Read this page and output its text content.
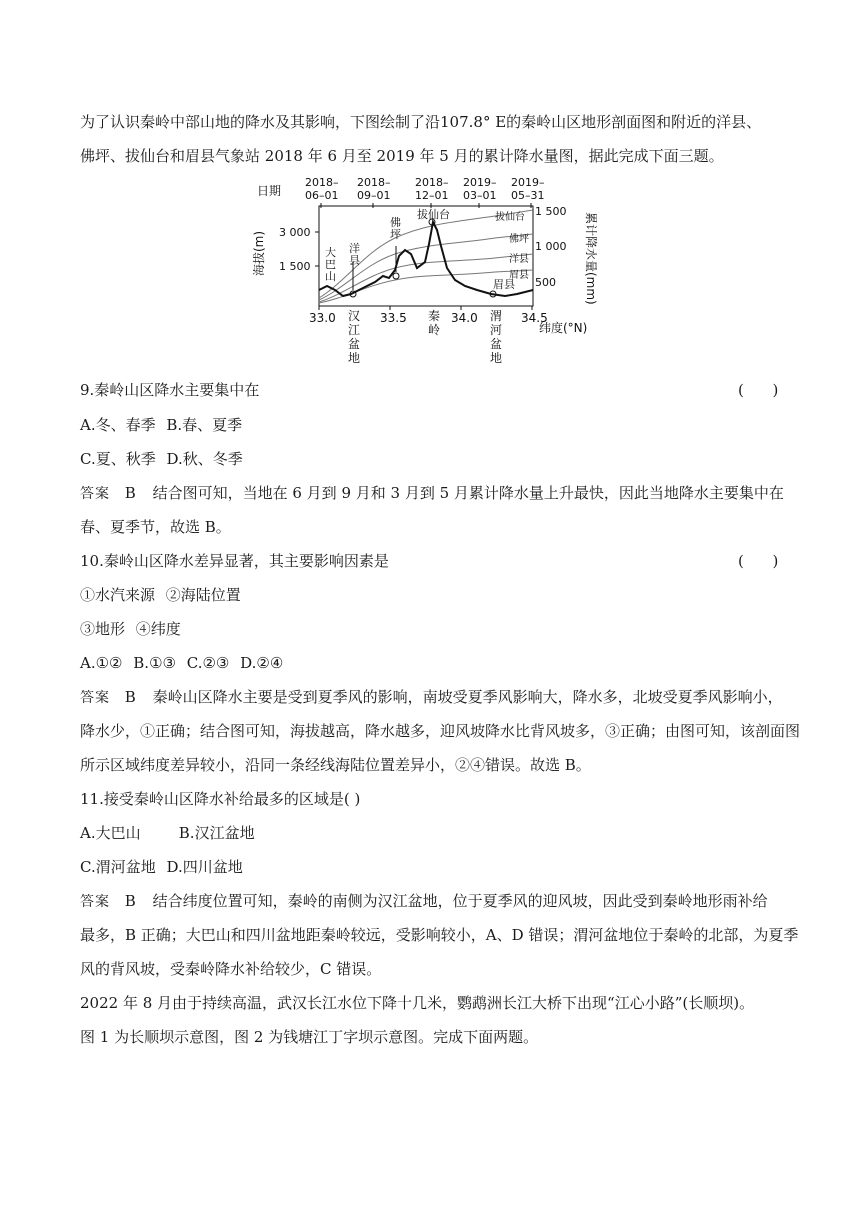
为了认识秦岭中部山地的降水及其影响，下图绘制了沿107.8° E的秦岭山区地形剖面图和附近的洋县、
佛坪、拔仙台和眉县气象站 2018 年 6 月至 2019 年 5 月的累计降水量图，据此完成下面三题。
日期
2018–
06–01
2018–
09–01
2018–
12–01
2019–
03–01
2019–
05–31
海拔(m) 3 000
1 500
1 500
1 000
500 累计降水量(mm)
大巴山
洋县
佛坪
拔仙台
眉县
拔仙台
佛坪
洋县
眉县
33.0	33.5	34.0	34.5
纬度(°N)
汉江盆地
秦岭
渭河盆地
9.秦岭山区降水主要集中在	(      )
A.冬、春季 B.春、夏季
C.夏、秋季 D.秋、冬季
答案 B 结合图可知，当地在 6 月到 9 月和 3 月到 5 月累计降水量上升最快，因此当地降水主要集中在
春、夏季节，故选 B。
10.秦岭山区降水差异显著，其主要影响因素是	(      )
①水汽来源 ②海陆位置
③地形 ④纬度
A.①② B.①③ C.②③ D.②④
答案 B 秦岭山区降水主要是受到夏季风的影响，南坡受夏季风影响大，降水多，北坡受夏季风影响小，
降水少，①正确；结合图可知，海拔越高，降水越多，迎风坡降水比背风坡多，③正确；由图可知，该剖面图
所示区域纬度差异较小，沿同一条经线海陆位置差异小，②④错误。故选 B。
11.接受秦岭山区降水补给最多的区域是( )
A.大巴山	B.汉江盆地
C.渭河盆地 D.四川盆地
答案 B 结合纬度位置可知，秦岭的南侧为汉江盆地，位于夏季风的迎风坡，因此受到秦岭地形雨补给
最多，B 正确；大巴山和四川盆地距秦岭较远，受影响较小，A、D 错误；渭河盆地位于秦岭的北部，为夏季
风的背风坡，受秦岭降水补给较少，C 错误。
2022 年 8 月由于持续高温，武汉长江水位下降十几米，鹦鹉洲长江大桥下出现“江心小路”(长顺坝)。
图 1 为长顺坝示意图，图 2 为钱塘江丁字坝示意图。完成下面两题。
